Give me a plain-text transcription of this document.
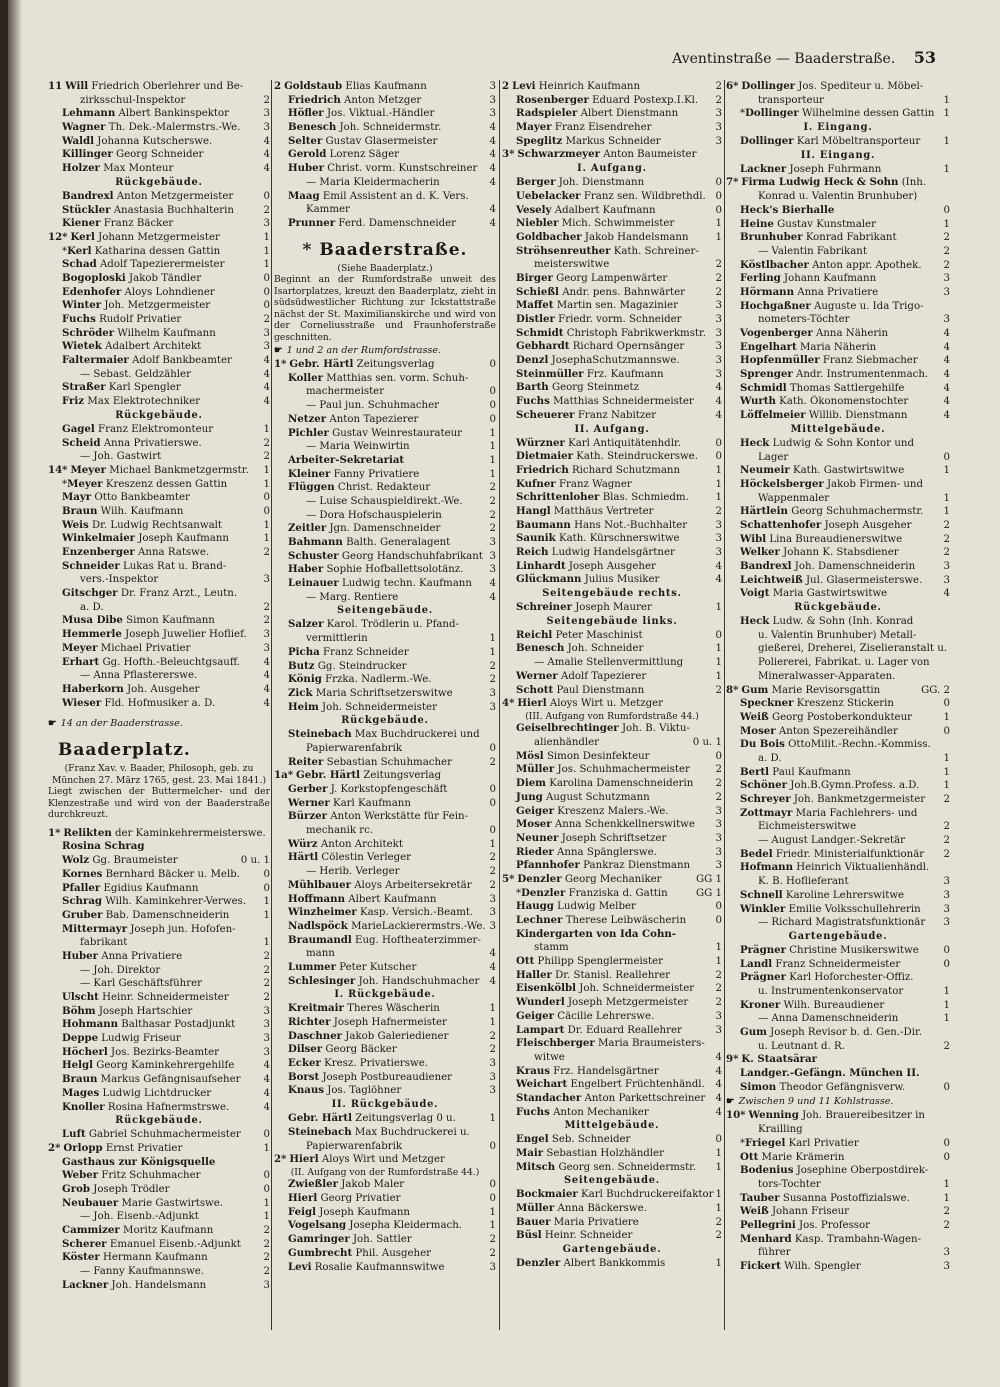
Aventinstraße — Baaderstraße. 53
11 Will Friedrich Oberlehrer und Be-
zirksschul-Inspektor	2
Lehmann Albert Bankinspektor	3
Wagner Th. Dek.-Malermstrs.-We. 3
Waldl Johanna Kutscherswe.	4
Killinger Georg Schneider	4
Holzer Max Monteur	4
Rückgebäude.
Bandrexl Anton Metzgermeister	0
Stückler Anastasia Buchhalterin	2
Kiener Franz Bäcker	3
12* Kerl Johann Metzgermeister	1
*Kerl Katharina dessen Gattin	1
Schad Adolf Tapezierermeister	1
Bogoploski Jakob Tändler	0
Edenhofer Aloys Lohndiener	0
Winter Joh. Metzgermeister	0
Fuchs Rudolf Privatier	2
Schröder Wilhelm Kaufmann	3
Wietek Adalbert Architekt	3
Faltermaier Adolf Bankbeamter	4
— Sebast. Geldzähler	4
Straßer Karl Spengler	4
Friz Max Elektrotechniker	4
Rückgebäude.
Gagel Franz Elektromonteur	1
Scheid Anna Privatierswe.	2
— Joh. Gastwirt	2
14* Meyer Michael Bankmetzgermstr. 1
*Meyer Kreszenz dessen Gattin	1
Mayr Otto Bankbeamter	0
Braun Wilh. Kaufmann	0
Weis Dr. Ludwig Rechtsanwalt	1
Winkelmaier Joseph Kaufmann	1
Enzenberger Anna Ratswe.	2
Schneider Lukas Rat u. Brand-
vers.-Inspektor	3
Gitschger Dr. Franz Arzt., Leutn.
a. D.	2
Musa Dibe Simon Kaufmann	2
Hemmerle Joseph Juwelier Hoflief. 3
Meyer Michael Privatier	3
Erhart Gg. Hofth.-Beleuchtgsauff. 4
— Anna Pflastererswe.	4
Haberkorn Joh. Ausgeher	4
Wieser Fld. Hofmusiker a. D.	4
☛ 14 an der Baaderstrasse.
Baaderplatz.
(Franz Xav. v. Baader, Philosoph, geb. zu München 27. März 1765, gest. 23. Mai 1841.)
Liegt zwischen der Buttermelcher- und der Klenzestraße und wird von der Baaderstraße durchkreuzt.
1* Relikten der Kaminkehrermeisterswe.
Rosina Schrag
Wolz Gg. Braumeister	0 u. 1
Kornes Bernhard Bäcker u. Melb. 0
Pfaller Egidius Kaufmann	0
Schrag Wilh. Kaminkehrer-Verwes. 1
Gruber Bab. Damenschneiderin	1
Mittermayr Joseph jun. Hofofen-
fabrikant	1
Huber Anna Privatiere	2
— Joh. Direktor	2
— Karl Geschäftsführer	2
Ulscht Heinr. Schneidermeister	2
Böhm Joseph Hartschier	3
Hohmann Balthasar Postadjunkt	3
Deppe Ludwig Friseur	3
Höcherl Jos. Bezirks-Beamter	3
Helgl Georg Kaminkehrergehilfe	4
Braun Markus Gefängnisaufseher 4
Mages Ludwig Lichtdrucker	4
Knoller Rosina Hafnermstrswe.	4
Rückgebäude.
Luft Gabriel Schuhmachermeister 0
2* Orlopp Ernst Privatier	1
Gasthaus zur Königsquelle
Weber Fritz Schuhmacher	0
Grob Joseph Trödler	0
Neubauer Marie Gastwirtswe.	1
— Joh. Eisenb.-Adjunkt	1
Cammizer Moritz Kaufmann	2
Scherer Emanuel Eisenb.-Adjunkt 2
Köster Hermann Kaufmann	2
— Fanny Kaufmannswe.	2
Lackner Joh. Handelsmann	3
2 Goldstaub Elias Kaufmann	3
Friedrich Anton Metzger	3
Höfler Jos. Viktual.-Händler	3
Benesch Joh. Schneidermstr.	4
Selter Gustav Glasermeister	4
Gerold Lorenz Säger	4
Huber Christ. vorm. Kunstschreiner 4
— Maria Kleidermacherin	4
Maag Emil Assistent an d. K. Vers.
Kammer	4
Prunner Ferd. Damenschneider	4
* Baaderstraße.
(Siehe Baaderplatz.)
Beginnt an der Rumfordstraße unweit des Isartorplatzes, kreuzt den Baaderplatz, zieht in südsüdwestlicher Richtung zur Ickstattstraße nächst der St. Maximilianskirche und wird von der Corneliusstraße und Fraunhoferstraße geschnitten.
☛ 1 und 2 an der Rumfordstrasse.
1* Gebr. Härtl Zeitungsverlag	0
Koller Matthias sen. vorm. Schuh-
machermeister	0
— Paul jun. Schuhmacher	0
Netzer Anton Tapezierer	0
Pichler Gustav Weinrestaurateur	1
— Maria Weinwirtin	1
Arbeiter-Sekretariat	1
Kleiner Fanny Privatiere	1
Flüggen Christ. Redakteur	2
— Luise Schauspieldirekt.-We.	2
— Dora Hofschauspielerin	2
Zeitler Jgn. Damenschneider	2
Bahmann Balth. Generalagent	3
Schuster Georg Handschuhfabrikant 3
Haber Sophie Hofballettsolotänz.	3
Leinauer Ludwig techn. Kaufmann 4
— Marg. Rentiere	4
Seitengebäude.
Salzer Karol. Trödlerin u. Pfand-
vermittlerin	1
Picha Franz Schneider	1
Butz Gg. Steindrucker	2
König Frzka. Nadlerm.-We.	2
Zick Maria Schriftsetzerswitwe	3
Heim Joh. Schneidermeister	3
Rückgebäude.
Steinebach Max Buchdruckerei und
Papierwarenfabrik	0
Reiter Sebastian Schuhmacher	2
1a* Gebr. Härtl Zeitungsverlag
Gerber J. Korkstopfengeschäft	0
Werner Karl Kaufmann	0
Bürzer Anton Werkstätte für Fein-
mechanik rc.	0
Würz Anton Architekt	1
Härtl Cölestin Verleger	2
— Herib. Verleger	2
Mühlbauer Aloys Arbeitersekretär 2
Hoffmann Albert Kaufmann	3
Winzheimer Kasp. Versich.-Beamt. 3
Nadlspöck MarieLackierermstrs.-We. 3
Braumandl Eug. Hoftheaterzimmer-
mann	4
Lummer Peter Kutscher	4
Schlesinger Joh. Handschuhmacher 4
I. Rückgebäude.
Kreitmair Theres Wäscherin	1
Richter Joseph Hafnermeister	1
Daschner Jakob Galeriediener	2
Dilser Georg Bäcker	2
Ecker Kresz. Privatierswe.	3
Borst Joseph Postbureaudiener	3
Knaus Jos. Taglöhner	3
II. Rückgebäude.
Gebr. Härtl Zeitungsverlag 0 u.	1
Steinebach Max Buchdruckerei u.
Papierwarenfabrik	0
2* Hierl Aloys Wirt und Metzger
(II. Aufgang von der Rumfordstraße 44.)
Zwießler Jakob Maler	0
Hierl Georg Privatier	0
Feigl Joseph Kaufmann	1
Vogelsang Josepha Kleidermach.	1
Gamringer Joh. Sattler	2
Gumbrecht Phil. Ausgeher	2
Levi Rosalie Kaufmannswitwe	3
2 Levi Heinrich Kaufmann	2
Rosenberger Eduard Postexp.I.Kl. 2
Radspieler Albert Dienstmann	3
Mayer Franz Eisendreher	3
Speglitz Markus Schneider	3
3* Schwarzmeyer Anton Baumeister
I. Aufgang.
Berger Joh. Dienstmann	0
Uebelacker Franz sen. Wildbrethdl. 0
Vesely Adalbert Kaufmann	0
Niebler Mich. Schwimmeister	1
Goldbacher Jakob Handelsmann	1
Ströhsenreuther Kath. Schreiner-
meisterswitwe	2
Birger Georg Lampenwärter	2
Schießl Andr. pens. Bahnwärter	2
Maffet Martin sen. Magazinier	3
Distler Friedr. vorm. Schneider	3
Schmidt Christoph Fabrikwerkmstr. 3
Gebhardt Richard Opernsänger	3
Denzl JosephaSchutzmannswe.	3
Steinmüller Frz. Kaufmann	3
Barth Georg Steinmetz	4
Fuchs Matthias Schneidermeister 4
Scheuerer Franz Nabitzer	4
II. Aufgang.
Würzner Karl Antiquitätenhdlr.	0
Dietmaier Kath. Steindruckerswe. 0
Friedrich Richard Schutzmann	1
Kufner Franz Wagner	1
Schrittenloher Blas. Schmiedm.	1
Hangl Matthäus Vertreter	2
Baumann Hans Not.-Buchhalter	3
Saunik Kath. Kürschnerswitwe	3
Reich Ludwig Handelsgärtner	3
Linhardt Joseph Ausgeher	4
Glückmann Julius Musiker	4
Seitengebäude rechts.
Schreiner Joseph Maurer	1
Seitengebäude links.
Reichl Peter Maschinist	0
Benesch Joh. Schneider	1
— Amalie Stellenvermittlung	1
Werner Adolf Tapezierer	1
Schott Paul Dienstmann	2
4* Hierl Aloys Wirt u. Metzger
(III. Aufgang von Rumfordstraße 44.)
Geiselbrechtinger Joh. B. Viktu-
alienhändler	0 u. 1
Mösl Simon Desinfekteur	0
Müller Jos. Schuhmachermeister	2
Diem Karolina Damenschneiderin 2
Jung August Schutzmann	2
Geiger Kreszenz Malers.-We.	3
Moser Anna Schenkkellnerswitwe 3
Neuner Joseph Schriftsetzer	3
Rieder Anna Spänglerswe.	3
Pfannhofer Pankraz Dienstmann 3
5* Denzler Georg Mechaniker	GG 1
*Denzler Franziska d. Gattin	GG 1
Haugg Ludwig Melber	0
Lechner Therese Leibwäscherin	0
Kindergarten von Ida Cohn-
stamm	1
Ott Philipp Spenglermeister	1
Haller Dr. Stanisl. Reallehrer	2
Eisenkölbl Joh. Schneidermeister 2
Wunderl Joseph Metzgermeister	2
Geiger Cäcilie Lehrerswe.	3
Lampart Dr. Eduard Reallehrer	3
Fleischberger Maria Braumeisters-
witwe	4
Kraus Frz. Handelsgärtner	4
Weichart Engelbert Früchtenhändl. 4
Standacher Anton Parkettschreiner 4
Fuchs Anton Mechaniker	4
Mittelgebäude.
Engel Seb. Schneider	0
Mair Sebastian Holzhändler	1
Mitsch Georg sen. Schneidermstr. 1
Seitengebäude.
Bockmaier Karl Buchdruckereifaktor 1
Müller Anna Bäckerswe.	1
Bauer Maria Privatiere	2
Büsl Heinr. Schneider	2
Gartengebäude.
Denzler Albert Bankkommis	1
6* Dollinger Jos. Spediteur u. Möbel-
transporteur	1
*Dollinger Wilhelmine dessen Gattin 1
I. Eingang.
Dollinger Karl Möbeltransporteur 1
II. Eingang.
Lackner Joseph Fuhrmann	1
7* Firma Ludwig Heck & Sohn (Inh.
Konrad u. Valentin Brunhuber)
Heck's Bierhalle	0
Heine Gustav Kunstmaler	1
Brunhuber Konrad Fabrikant	2
— Valentin Fabrikant	2
Köstlbacher Anton appr. Apothek. 2
Ferling Johann Kaufmann	3
Hörmann Anna Privatiere	3
Hochgaßner Auguste u. Ida Trigo-
nometers-Töchter	3
Vogenberger Anna Näherin	4
Engelhart Maria Näherin	4
Hopfenmüller Franz Siebmacher	4
Sprenger Andr. Instrumentenmach. 4
Schmidl Thomas Sattlergehilfe	4
Wurth Kath. Ökonomenstochter	4
Löffelmeier Willib. Dienstmann	4
Mittelgebäude.
Heck Ludwig & Sohn Kontor und
Lager	0
Neumeir Kath. Gastwirtswitwe	1
Höckelsberger Jakob Firmen- und
Wappenmaler	1
Härtlein Georg Schuhmachermstr. 1
Schattenhofer Joseph Ausgeher	2
Wibl Lina Bureaudienerswitwe	2
Welker Johann K. Stabsdiener	2
Bandrexl Joh. Damenschneiderin	3
Leichtweiß Jul. Glasermeisterswe. 3
Voigt Maria Gastwirtswitwe	4
Rückgebäude.
Heck Ludw. & Sohn (Inh. Konrad
u. Valentin Brunhuber) Metall-
gießerei, Dreherei, Ziselieranstalt u.
Poliererei, Fabrikat. u. Lager von
Mineralwasser-Apparaten.
8* Gum Marie Revisorsgattin	GG. 2
Speckner Kreszenz Stickerin	0
Weiß Georg Postoberkondukteur	1
Moser Anton Spezereihändler	0
Du Bois OttoMilit.-Rechn.-Kommiss.
a. D.	1
Bertl Paul Kaufmann	1
Schöner Joh.B.Gymn.Profess. a.D. 1
Schreyer Joh. Bankmetzgermeister 2
Zottmayr Maria Fachlehrers- und
Eichmeisterswitwe	2
— August Landger.-Sekretär	2
Bedel Friedr. Ministerialfunktionär 2
Hofmann Heinrich Viktualienhändl.
K. B. Hoflieferant	3
Schnell Karoline Lehrerswitwe	3
Winkler Emilie Volksschullehrerin 3
— Richard Magistratsfunktionär 3
Gartengebäude.
Prägner Christine Musikerswitwe 0
Landl Franz Schneidermeister	0
Prägner Karl Hoforchester-Offiz.
u. Instrumentenkonservator	1
Kroner Wilh. Bureaudiener	1
— Anna Damenschneiderin	1
Gum Joseph Revisor b. d. Gen.-Dir.
u. Leutnant d. R.	2
9* K. Staatsärar
Landger.-Gefängn. München II.
Simon Theodor Gefängnisverw.	0
☛ Zwischen 9 und 11 Kohlstrasse.
10* Wenning Joh. Brauereibesitzer in
Krailling
*Friegel Karl Privatier	0
Ott Marie Krämerin	0
Bodenius Josephine Oberpostdirek-
tors-Tochter	1
Tauber Susanna Postoffizialswe.	1
Weiß Johann Friseur	2
Pellegrini Jos. Professor	2
Menhard Kasp. Trambahn-Wagen-
führer	3
Fickert Wilh. Spengler	3
